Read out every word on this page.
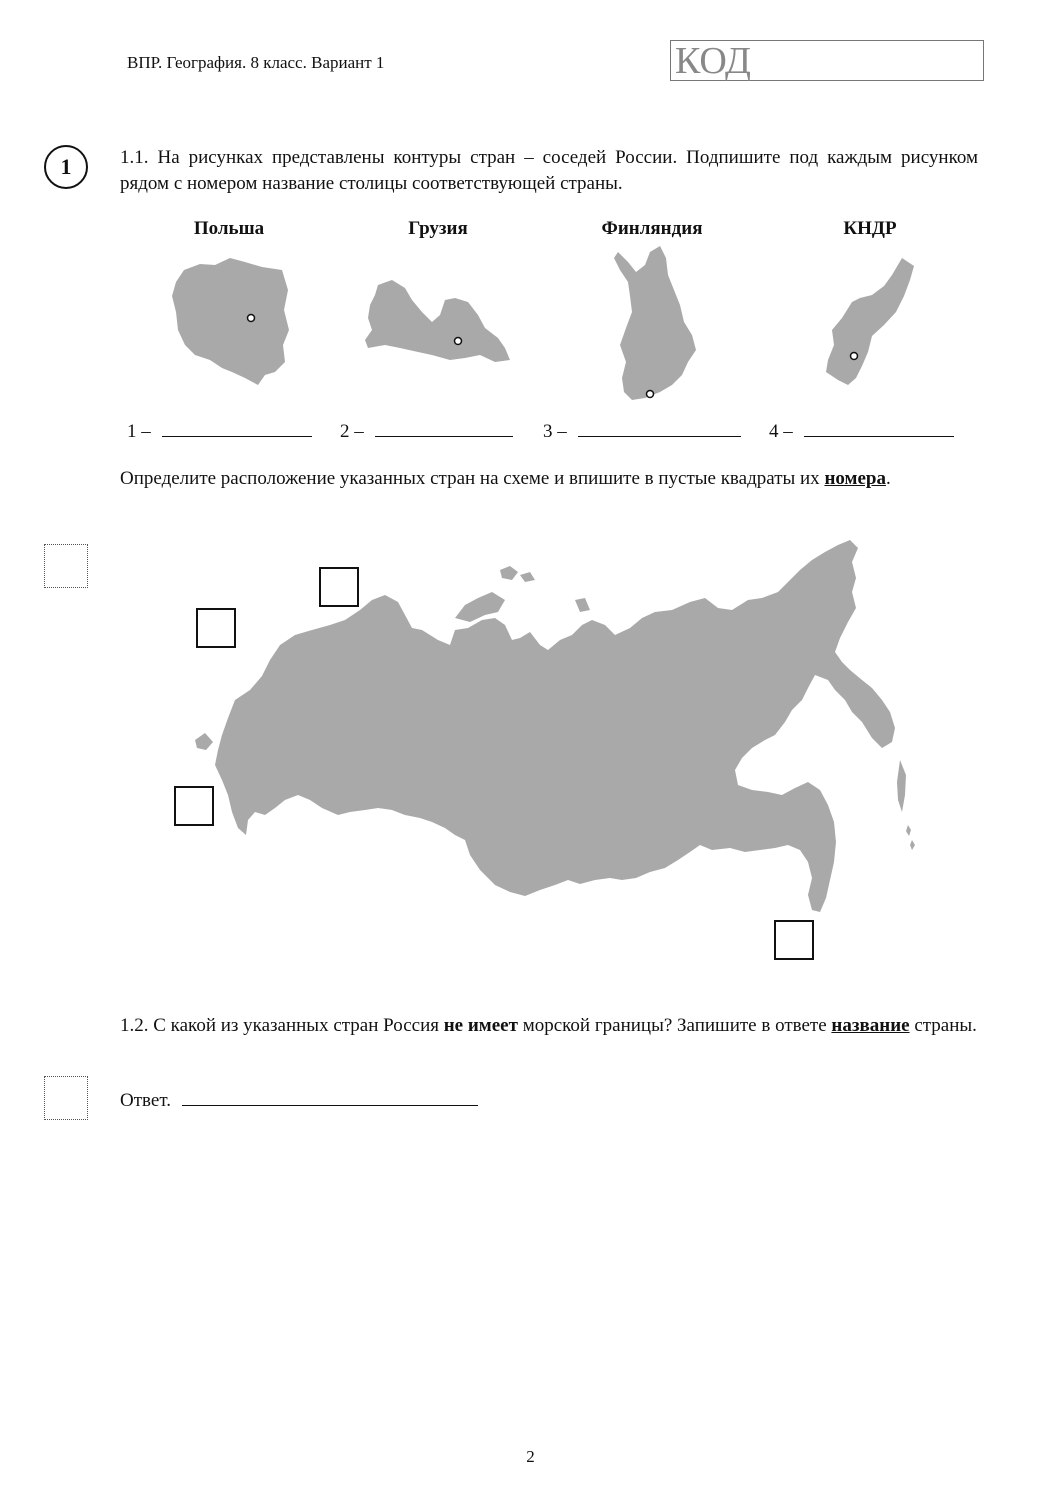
ВПР. География. 8 класс. Вариант 1	КОД
1	1.1. На рисунках представлены контуры стран – соседей России. Подпишите под каждым рисунком рядом с номером название столицы соответствующей страны.
Польша	Грузия	Финляндия	КНДР
1 –	2 –	3 –	4 –
Определите расположение указанных стран на схеме и впишите в пустые квадраты их номера.
1.2. С какой из указанных стран Россия не имеет морской границы? Запишите в ответе название страны.
Ответ.
2
